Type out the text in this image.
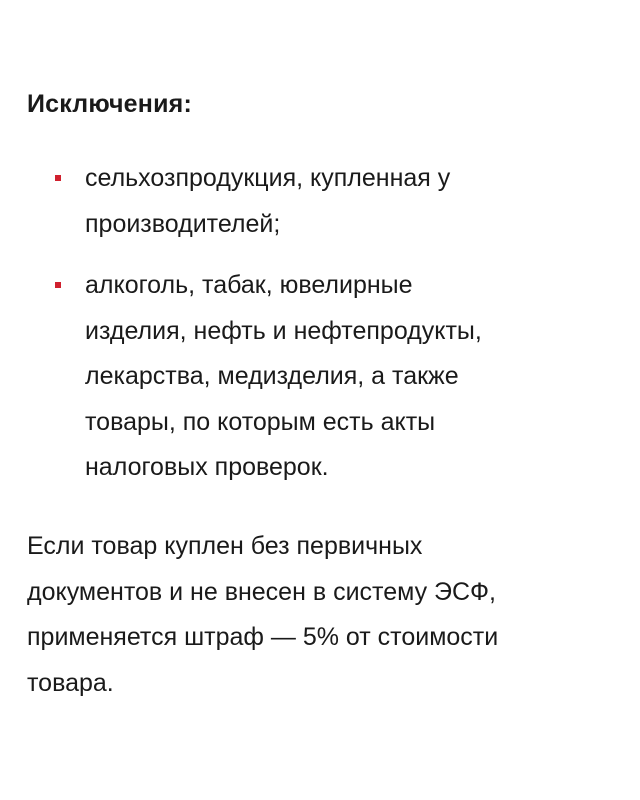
Исключения:
сельхозпродукция, купленная у
производителей;
алкоголь, табак, ювелирные
изделия, нефть и нефтепродукты,
лекарства, медизделия, а также
товары, по которым есть акты
налоговых проверок.
Если товар куплен без первичных
документов и не внесен в систему ЭСФ,
применяется штраф — 5% от стоимости
товара.
